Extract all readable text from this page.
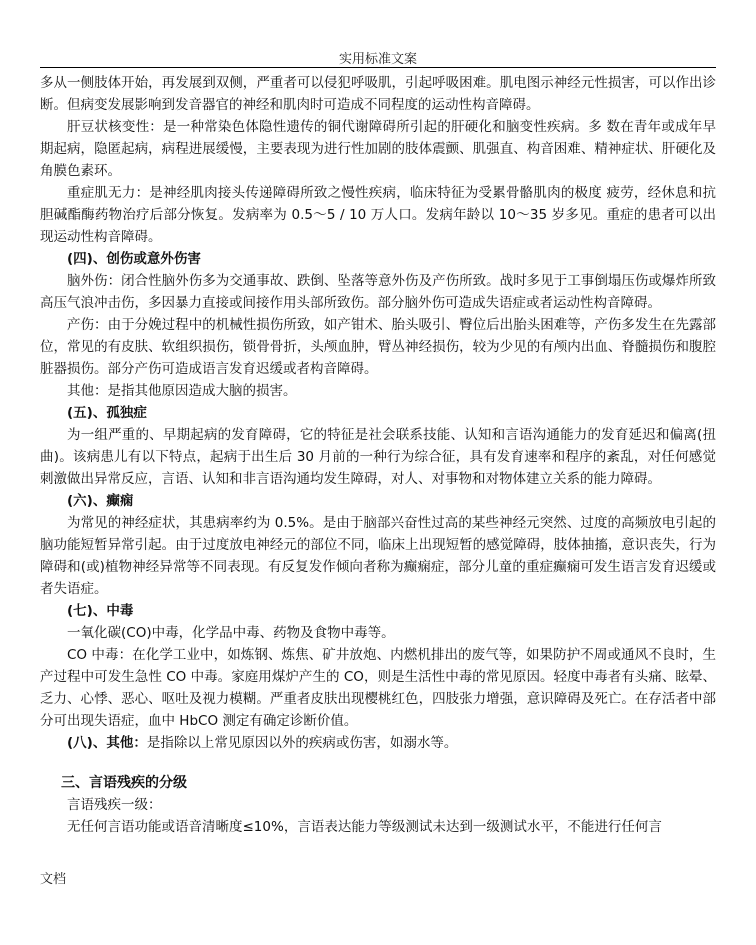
实用标准文案

多从一侧肢体开始，再发展到双侧，严重者可以侵犯呼吸肌，引起呼吸困难。肌电图示神经元性损害，可以作出诊断。但病变发展影响到发音器官的神经和肌肉时可造成不同程度的运动性构音障碍。

肝豆状核变性：是一种常染色体隐性遗传的铜代谢障碍所引起的肝硬化和脑变性疾病。多 数在青年或成年早期起病，隐匿起病，病程进展缓慢，主要表现为进行性加剧的肢体震颤、肌强直、构音困难、精神症状、肝硬化及角膜色素环。

重症肌无力：是神经肌肉接头传递障碍所致之慢性疾病，临床特征为受累骨骼肌肉的极度 疲劳，经休息和抗胆碱酯酶药物治疗后部分恢复。发病率为 0.5～5 / 10 万人口。发病年龄以 10～35 岁多见。重症的患者可以出现运动性构音障碍。

(四)、创伤或意外伤害

脑外伤：闭合性脑外伤多为交通事故、跌倒、坠落等意外伤及产伤所致。战时多见于工事倒塌压伤或爆炸所致高压气浪冲击伤，多因暴力直接或间接作用头部所致伤。部分脑外伤可造成失语症或者运动性构音障碍。

产伤：由于分娩过程中的机械性损伤所致，如产钳术、胎头吸引、臀位后出胎头困难等，产伤多发生在先露部位，常见的有皮肤、软组织损伤，锁骨骨折，头颅血肿，臂丛神经损伤，较为少见的有颅内出血、脊髓损伤和腹腔脏器损伤。部分产伤可造成语言发育迟缓或者构音障碍。

其他：是指其他原因造成大脑的损害。

(五)、孤独症

为一组严重的、早期起病的发育障碍，它的特征是社会联系技能、认知和言语沟通能力的发育延迟和偏离(扭曲)。该病患儿有以下特点，起病于出生后 30 月前的一种行为综合征，具有发育速率和程序的紊乱，对任何感觉刺激做出异常反应，言语、认知和非言语沟通均发生障碍，对人、对事物和对物体建立关系的能力障碍。

(六)、癫痫

为常见的神经症状，其患病率约为 0.5%。是由于脑部兴奋性过高的某些神经元突然、过度的高频放电引起的脑功能短暂异常引起。由于过度放电神经元的部位不同，临床上出现短暂的感觉障碍，肢体抽搐，意识丧失，行为障碍和(或)植物神经异常等不同表现。有反复发作倾向者称为癫痫症，部分儿童的重症癫痫可发生语言发育迟缓或者失语症。

(七)、中毒

一氧化碳(CO)中毒，化学品中毒、药物及食物中毒等。

CO 中毒：在化学工业中，如炼钢、炼焦、矿井放炮、内燃机排出的废气等，如果防护不周或通风不良时，生产过程中可发生急性 CO 中毒。家庭用煤炉产生的 CO，则是生活性中毒的常见原因。轻度中毒者有头痛、眩晕、乏力、心悸、恶心、呕吐及视力模糊。严重者皮肤出现樱桃红色，四肢张力增强，意识障碍及死亡。在存活者中部分可出现失语症，血中 HbCO 测定有确定诊断价值。

(八)、其他：是指除以上常见原因以外的疾病或伤害，如溺水等。

三、言语残疾的分级

言语残疾一级：

无任何言语功能或语音清晰度≤10%，言语表达能力等级测试未达到一级测试水平，不能进行任何言

文档
